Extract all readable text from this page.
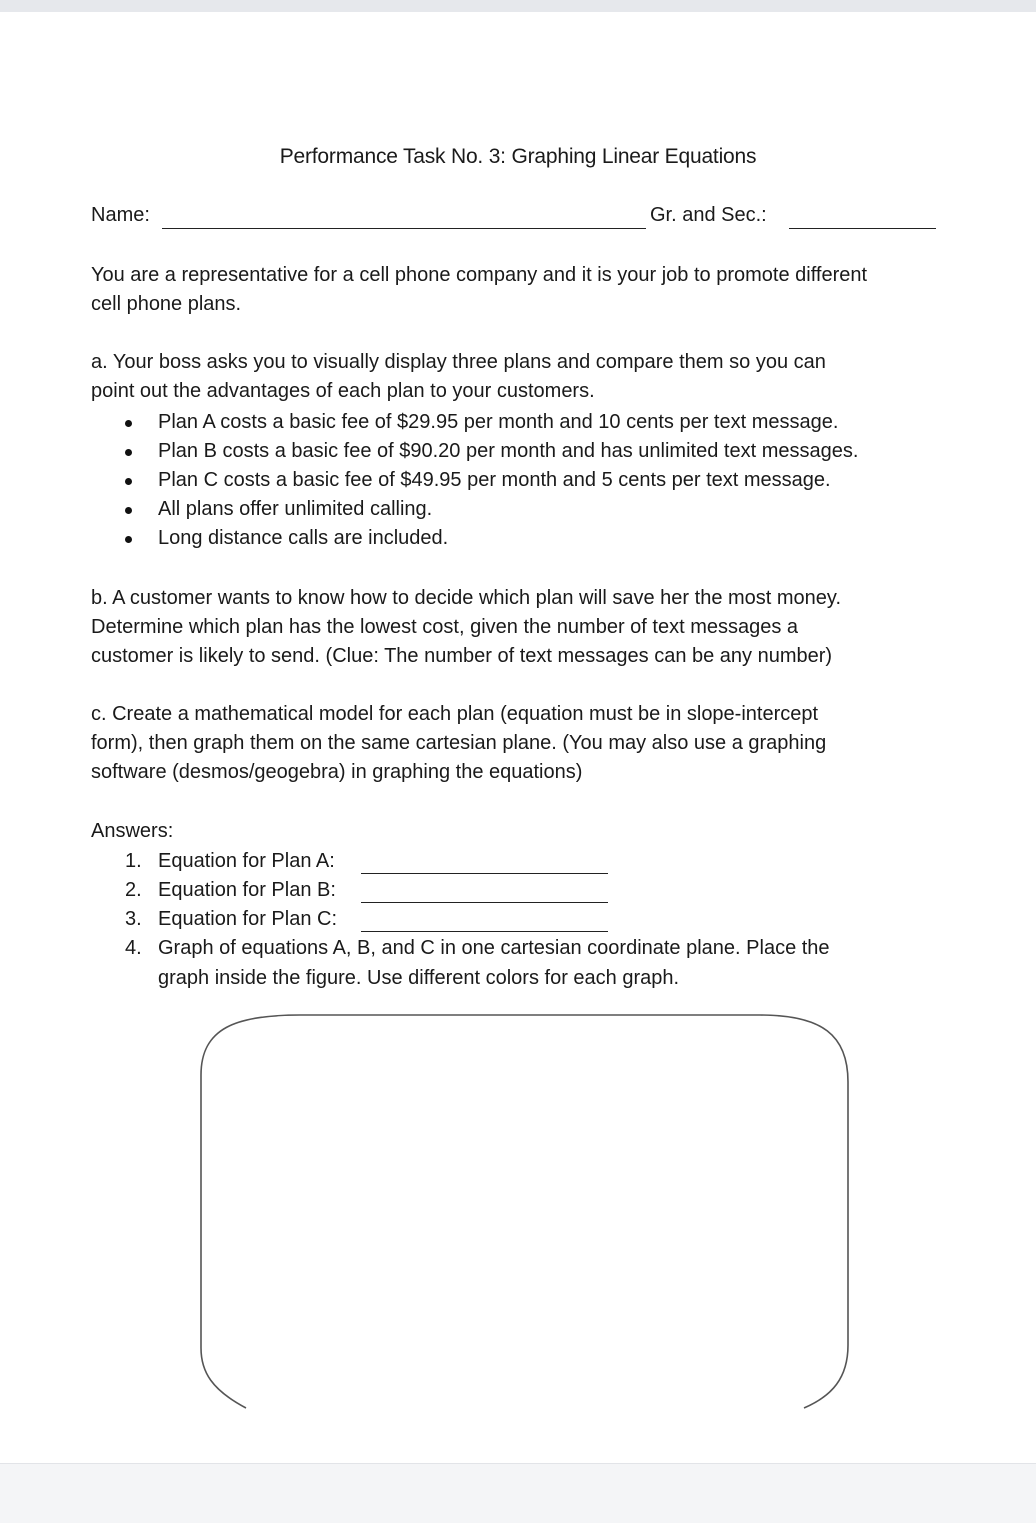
Performance Task No. 3: Graphing Linear Equations
Name:	Gr. and Sec.:
You are a representative for a cell phone company and it is your job to promote different
cell phone plans.
a. Your boss asks you to visually display three plans and compare them so you can
point out the advantages of each plan to your customers.
Plan A costs a basic fee of $29.95 per month and 10 cents per text message.
Plan B costs a basic fee of $90.20 per month and has unlimited text messages.
Plan C costs a basic fee of $49.95 per month and 5 cents per text message.
All plans offer unlimited calling.
Long distance calls are included.
b. A customer wants to know how to decide which plan will save her the most money.
Determine which plan has the lowest cost, given the number of text messages a
customer is likely to send. (Clue: The number of text messages can be any number)
c. Create a mathematical model for each plan (equation must be in slope-intercept
form), then graph them on the same cartesian plane. (You may also use a graphing
software (desmos/geogebra) in graphing the equations)
Answers:
1. Equation for Plan A:
2. Equation for Plan B:
3. Equation for Plan C:
4. Graph of equations A, B, and C in one cartesian coordinate plane. Place the
graph inside the figure. Use different colors for each graph.
